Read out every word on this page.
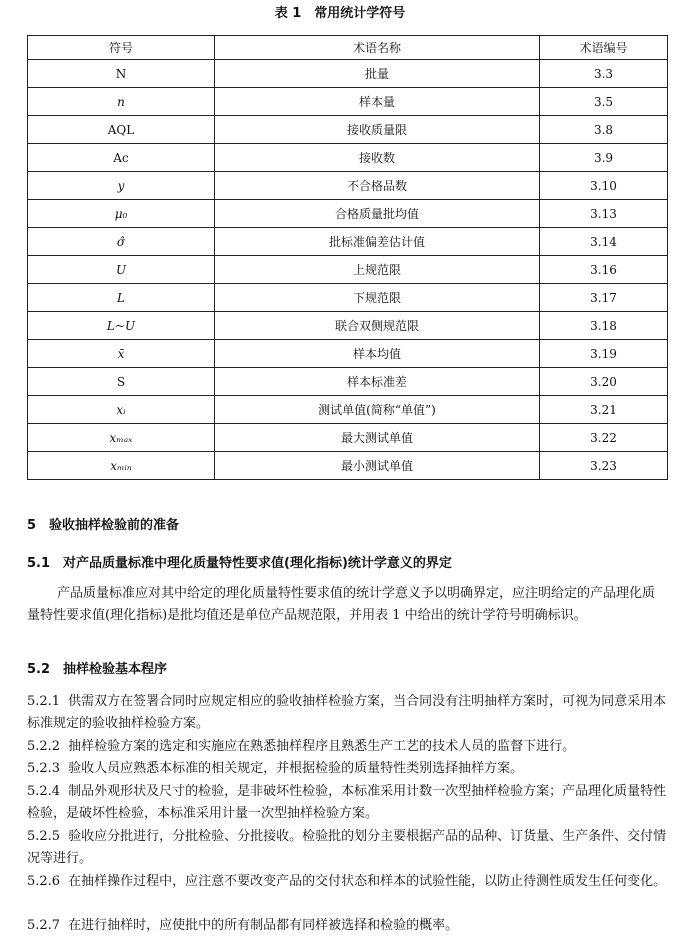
表 1　常用统计学符号
符号	术语名称	术语编号
N	批量	3.3
n	样本量	3.5
AQL	接收质量限	3.8
Ac	接收数	3.9
y	不合格品数	3.10
μ₀	合格质量批均值	3.13
σ̂	批标准偏差估计值	3.14
U	上规范限	3.16
L	下规范限	3.17
L~U	联合双侧规范限	3.18
x̄	样本均值	3.19
S	样本标准差	3.20
xᵢ	测试单值(简称“单值”)	3.21
xₘₐₓ	最大测试单值	3.22
xₘᵢₙ	最小测试单值	3.23
5　验收抽样检验前的准备
5.1　对产品质量标准中理化质量特性要求值(理化指标)统计学意义的界定
产品质量标准应对其中给定的理化质量特性要求值的统计学意义予以明确界定，应注明给定的产品理化质量特性要求值(理化指标)是批均值还是单位产品规范限，并用表 1 中给出的统计学符号明确标识。
5.2　抽样检验基本程序
5.2.1 供需双方在签署合同时应规定相应的验收抽样检验方案，当合同没有注明抽样方案时，可视为同意采用本标准规定的验收抽样检验方案。
5.2.2 抽样检验方案的选定和实施应在熟悉抽样程序且熟悉生产工艺的技术人员的监督下进行。
5.2.3 验收人员应熟悉本标准的相关规定，并根据检验的质量特性类别选择抽样方案。
5.2.4 制品外观形状及尺寸的检验，是非破坏性检验，本标准采用计数一次型抽样检验方案；产品理化质量特性检验，是破坏性检验，本标准采用计量一次型抽样检验方案。
5.2.5 验收应分批进行，分批检验、分批接收。检验批的划分主要根据产品的品种、订货量、生产条件、交付情况等进行。
5.2.6 在抽样操作过程中，应注意不要改变产品的交付状态和样本的试验性能，以防止待测性质发生任何变化。
5.2.7 在进行抽样时，应使批中的所有制品都有同样被选择和检验的概率。
